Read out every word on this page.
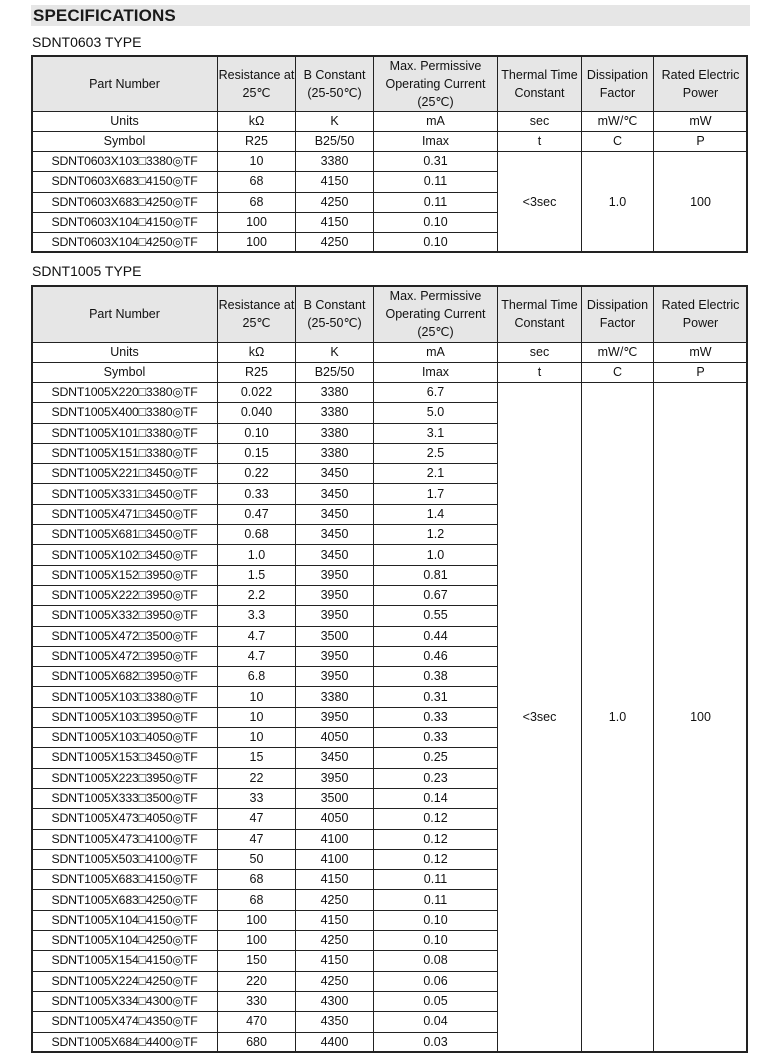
SPECIFICATIONS
SDNT0603 TYPE
Part Number	Resistance at 25℃	B Constant (25-50℃)	Max. Permissive Operating Current (25℃)	Thermal Time Constant	Dissipation Factor	Rated Electric Power
Units	kΩ	K	mA	sec	mW/℃	mW
Symbol	R25	B25/50	Imax	t	C	P
SDNT0603X103□3380◎TF	10	3380	0.31	<3sec	1.0	100
SDNT0603X683□4150◎TF	68	4150	0.11			
SDNT0603X683□4250◎TF	68	4250	0.11			
SDNT0603X104□4150◎TF	100	4150	0.10			
SDNT0603X104□4250◎TF	100	4250	0.10			
SDNT1005 TYPE
Part Number	Resistance at 25℃	B Constant (25-50℃)	Max. Permissive Operating Current (25℃)	Thermal Time Constant	Dissipation Factor	Rated Electric Power
Units	kΩ	K	mA	sec	mW/℃	mW
Symbol	R25	B25/50	Imax	t	C	P
SDNT1005X220□3380◎TF	0.022	3380	6.7	<3sec	1.0	100
SDNT1005X400□3380◎TF	0.040	3380	5.0			
SDNT1005X101□3380◎TF	0.10	3380	3.1			
SDNT1005X151□3380◎TF	0.15	3380	2.5			
SDNT1005X221□3450◎TF	0.22	3450	2.1			
SDNT1005X331□3450◎TF	0.33	3450	1.7			
SDNT1005X471□3450◎TF	0.47	3450	1.4			
SDNT1005X681□3450◎TF	0.68	3450	1.2			
SDNT1005X102□3450◎TF	1.0	3450	1.0			
SDNT1005X152□3950◎TF	1.5	3950	0.81			
SDNT1005X222□3950◎TF	2.2	3950	0.67			
SDNT1005X332□3950◎TF	3.3	3950	0.55			
SDNT1005X472□3500◎TF	4.7	3500	0.44			
SDNT1005X472□3950◎TF	4.7	3950	0.46			
SDNT1005X682□3950◎TF	6.8	3950	0.38			
SDNT1005X103□3380◎TF	10	3380	0.31			
SDNT1005X103□3950◎TF	10	3950	0.33			
SDNT1005X103□4050◎TF	10	4050	0.33			
SDNT1005X153□3450◎TF	15	3450	0.25			
SDNT1005X223□3950◎TF	22	3950	0.23			
SDNT1005X333□3500◎TF	33	3500	0.14			
SDNT1005X473□4050◎TF	47	4050	0.12			
SDNT1005X473□4100◎TF	47	4100	0.12			
SDNT1005X503□4100◎TF	50	4100	0.12			
SDNT1005X683□4150◎TF	68	4150	0.11			
SDNT1005X683□4250◎TF	68	4250	0.11			
SDNT1005X104□4150◎TF	100	4150	0.10			
SDNT1005X104□4250◎TF	100	4250	0.10			
SDNT1005X154□4150◎TF	150	4150	0.08			
SDNT1005X224□4250◎TF	220	4250	0.06			
SDNT1005X334□4300◎TF	330	4300	0.05			
SDNT1005X474□4350◎TF	470	4350	0.04			
SDNT1005X684□4400◎TF	680	4400	0.03			
